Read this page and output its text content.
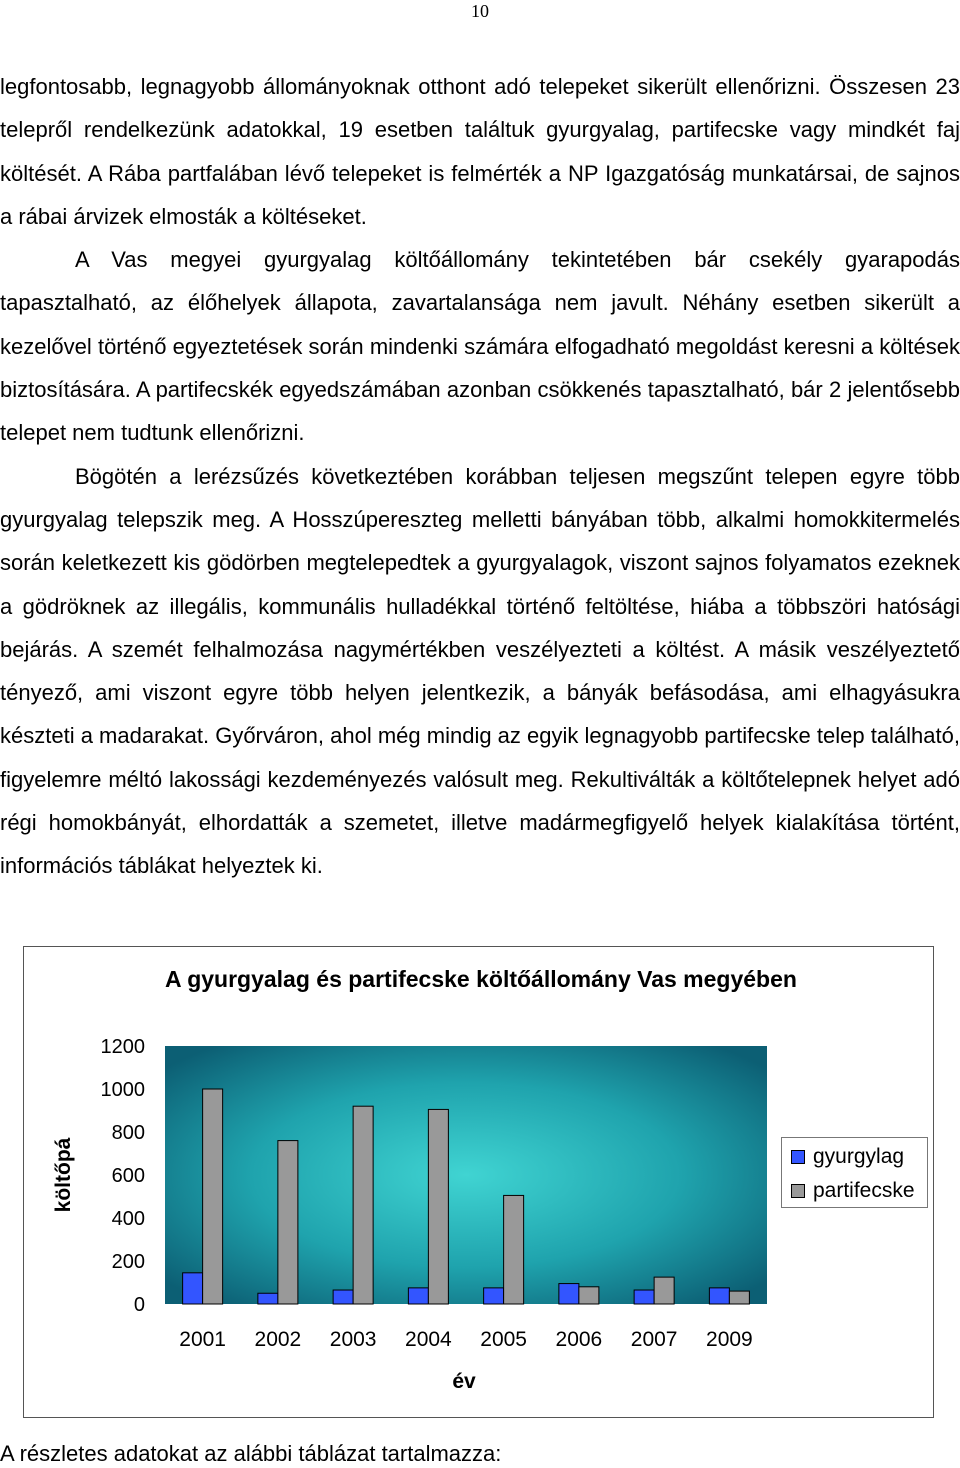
10

legfontosabb, legnagyobb állományoknak otthont adó telepeket sikerült ellenőrizni. Összesen 23 telepről rendelkezünk adatokkal, 19 esetben találtuk gyurgyalag, partifecske vagy mindkét faj költését. A Rába partfalában lévő telepeket is felmérték a NP Igazgatóság munkatársai, de sajnos a rábai árvizek elmosták a költéseket.

A Vas megyei gyurgyalag költőállomány tekintetében bár csekély gyarapodás tapasztalható, az élőhelyek állapota, zavartalansága nem javult. Néhány esetben sikerült a kezelővel történő egyeztetések során mindenki számára elfogadható megoldást keresni a költések biztosítására. A partifecskék egyedszámában azonban csökkenés tapasztalható, bár 2 jelentősebb telepet nem tudtunk ellenőrizni.

Bögötén a lerézsűzés következtében korábban teljesen megszűnt telepen egyre több gyurgyalag telepszik meg. A Hosszúpereszteg melletti bányában több, alkalmi homokkitermelés során keletkezett kis gödörben megtelepedtek a gyurgyalagok, viszont sajnos folyamatos ezeknek a gödröknek az illegális, kommunális hulladékkal történő feltöltése, hiába a többszöri hatósági bejárás. A szemét felhalmozása nagymértékben veszélyezteti a költést. A másik veszélyeztető tényező, ami viszont egyre több helyen jelentkezik, a bányák befásodása, ami elhagyásukra készteti a madarakat. Győrváron, ahol még mindig az egyik legnagyobb partifecske telep található, figyelemre méltó lakossági kezdeményezés valósult meg. Rekultiválták a költőtelepnek helyet adó régi homokbányát, elhordatták a szemetet, illetve madármegfigyelő helyek kialakítása történt, információs táblákat helyeztek ki.

A gyurgyalag és partifecske költőállomány Vas megyében
költőpá
év
0
200
400
600
800
1000
1200
2001 2002 2003 2004 2005 2006 2007 2009
gyurgylag
partifecske
A részletes adatokat az alábbi táblázat tartalmazza:
